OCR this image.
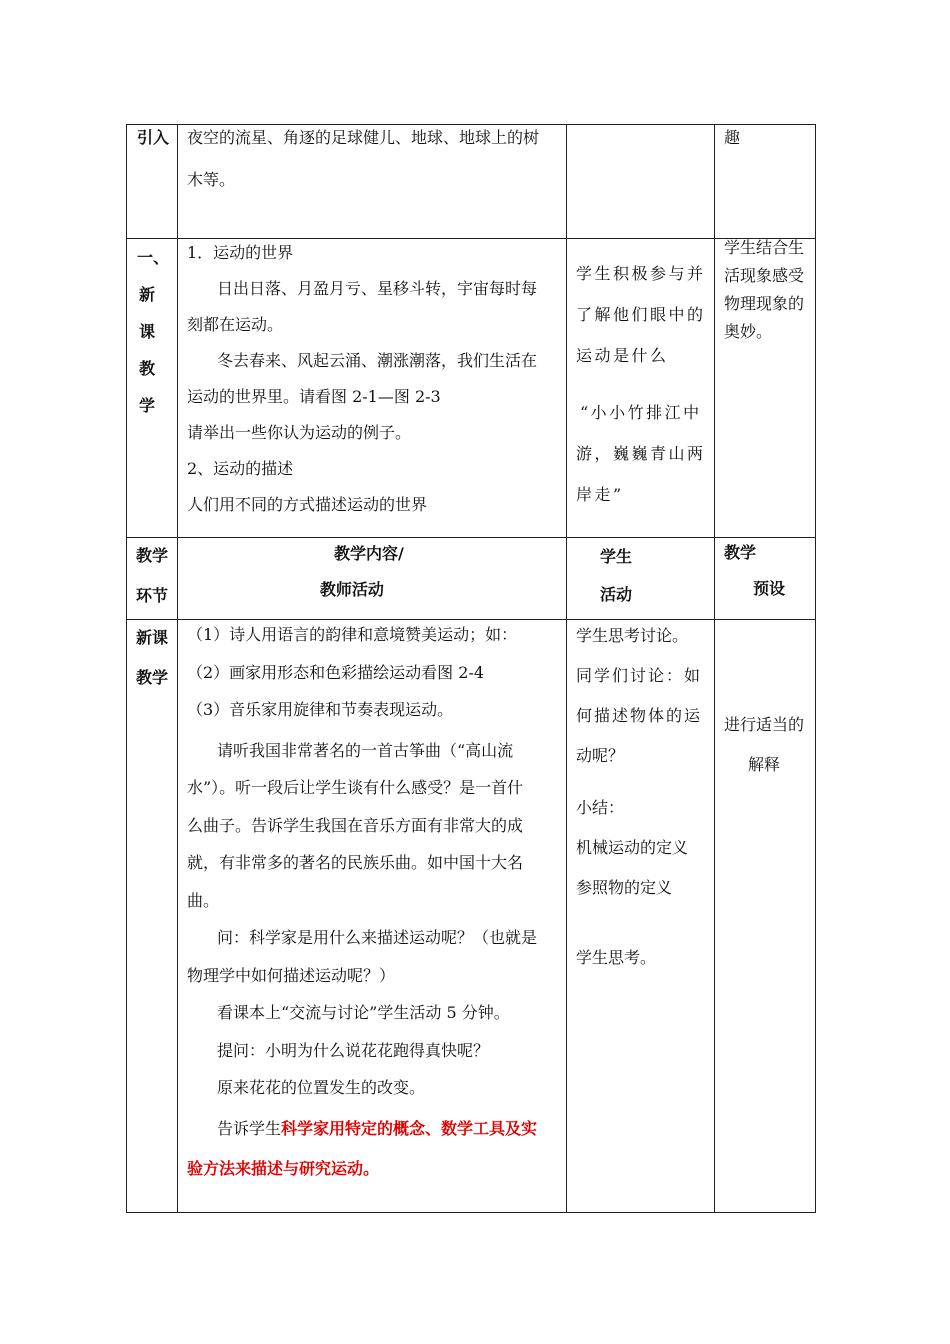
引入 夜空的流星、角逐的足球健儿、地球、地球上的树

木等。

趣
一、
新
课
教
学

1．运动的世界

日出日落、月盈月亏、星移斗转，宇宙每时每

刻都在运动。

冬去春来、风起云涌、潮涨潮落，我们生活在

运动的世界里。请看图 2-1—图 2-3

请举出一些你认为运动的例子。

2、运动的描述

人们用不同的方式描述运动的世界

学生积极参与并

了解他们眼中的

运动是什么

“小小竹排江中

游，巍巍青山两

岸走”

学生结合生

活现象感受

物理现象的

奥妙。

教学

环节

教学内容/

教师活动

学生

活动

教学

预设

新课

教学

（1）诗人用语言的韵律和意境赞美运动；如：

（2）画家用形态和色彩描绘运动看图 2-4

（3）音乐家用旋律和节奏表现运动。

请听我国非常著名的一首古筝曲（“高山流

水”）。听一段后让学生谈有什么感受？是一首什

么曲子。告诉学生我国在音乐方面有非常大的成

就，有非常多的著名的民族乐曲。如中国十大名

曲。

问：科学家是用什么来描述运动呢？（也就是

物理学中如何描述运动呢？）

看课本上“交流与讨论”学生活动 5 分钟。

提问：小明为什么说花花跑得真快呢？

原来花花的位置发生的改变。

告诉学生科学家用特定的概念、数学工具及实

验方法来描述与研究运动。

学生思考讨论。

同学们讨论：如

何描述物体的运

动呢？

小结：

机械运动的定义

参照物的定义

学生思考。

进行适当的

解释
